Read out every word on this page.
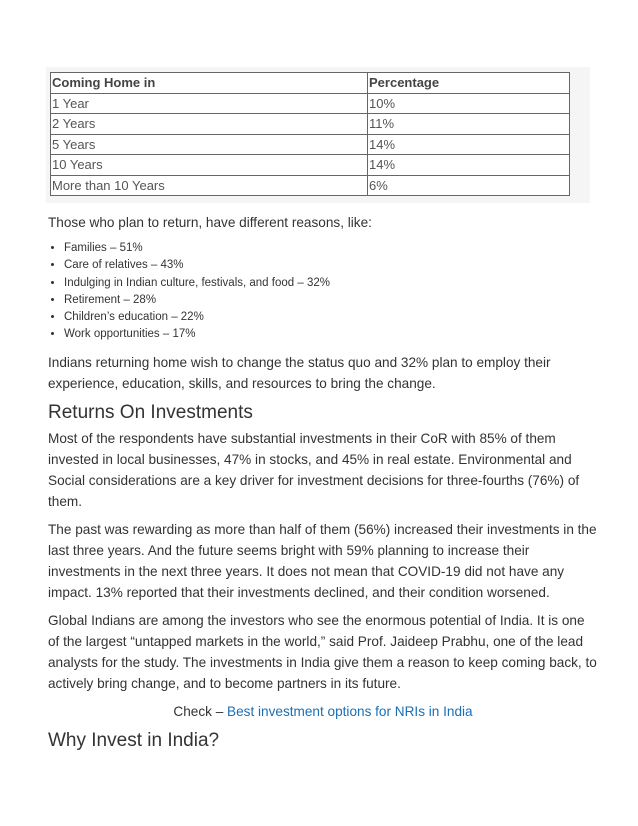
Coming Home in	Percentage
1 Year	10%
2 Years	11%
5 Years	14%
10 Years	14%
More than 10 Years	6%

Those who plan to return, have different reasons, like:

• Families – 51%
• Care of relatives – 43%
• Indulging in Indian culture, festivals, and food – 32%
• Retirement – 28%
• Children’s education – 22%
• Work opportunities – 17%

Indians returning home wish to change the status quo and 32% plan to employ their experience, education, skills, and resources to bring the change.

Returns On Investments

Most of the respondents have substantial investments in their CoR with 85% of them invested in local businesses, 47% in stocks, and 45% in real estate. Environmental and Social considerations are a key driver for investment decisions for three-fourths (76%) of them.

The past was rewarding as more than half of them (56%) increased their investments in the last three years. And the future seems bright with 59% planning to increase their investments in the next three years. It does not mean that COVID-19 did not have any impact. 13% reported that their investments declined, and their condition worsened.

Global Indians are among the investors who see the enormous potential of India. It is one of the largest “untapped markets in the world,” said Prof. Jaideep Prabhu, one of the lead analysts for the study. The investments in India give them a reason to keep coming back, to actively bring change, and to become partners in its future.

Check – Best investment options for NRIs in India

Why Invest in India?
